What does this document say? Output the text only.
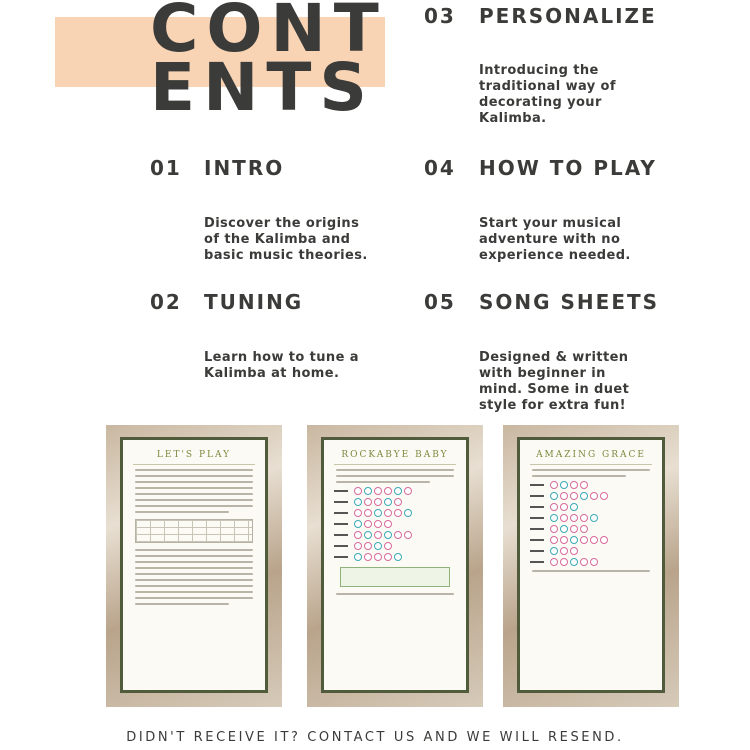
CONT
ENTS
01 INTRO

Discover the origins
of the Kalimba and
basic music theories.

02 TUNING

Learn how to tune a
Kalimba at home.

03 PERSONALIZE

Introducing the
traditional way of
decorating your
Kalimba.

04 HOW TO PLAY

Start your musical
adventure with no
experience needed.

05 SONG SHEETS

Designed & written
with beginner in
mind. Some in duet
style for extra fun!

LET'S PLAY	ROCKABYE BABY	AMAZING GRACE
DIDN'T RECEIVE IT? CONTACT US AND WE WILL RESEND.
